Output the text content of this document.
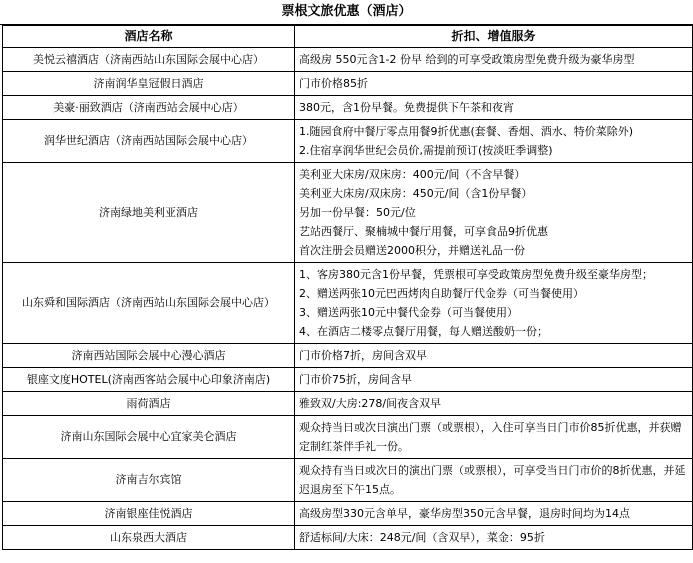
票根文旅优惠（酒店）
酒店名称	折扣、增值服务
美悦云禧酒店（济南西站山东国际会展中心店）	高级房 550元含1-2 份早 给到的可享受政策房型免费升级为豪华房型

济南润华皇冠假日酒店	门市价格85折

美豪·丽致酒店（济南西站会展中心店）	380元，含1份早餐。免费提供下午茶和夜宵

润华世纪酒店（济南西站国际会展中心店）	1.随园食府中餐厅零点用餐9折优惠(套餐、香烟、酒水、特价菜除外)
2.住宿享润华世纪会员价,需提前预订(按淡旺季调整)

济南绿地美利亚酒店	美利亚大床房/双床房：400元/间（不含早餐）
美利亚大床房/双床房：450元/间（含1份早餐）
另加一份早餐：50元/位
艺站西餐厅、聚楠城中餐厅用餐，可享食品9折优惠
首次注册会员赠送2000积分，并赠送礼品一份

山东舜和国际酒店（济南西站山东国际会展中心店）	1、客房380元含1份早餐，凭票根可享受政策房型免费升级至豪华房型；
2、赠送两张10元巴西烤肉自助餐厅代金券（可当餐使用）
3、赠送两张10元中餐代金券（可当餐使用）
4、在酒店二楼零点餐厅用餐，每人赠送酸奶一份；

济南西站国际会展中心漫心酒店	门市价格7折，房间含双早

银座文度HOTEL(济南西客站会展中心印象济南店)	门市价75折，房间含早

雨荷酒店	雅致双/大房:278/间夜含双早

济南山东国际会展中心宜家美仑酒店	观众持当日或次日演出门票（或票根），入住可享当日门市价85折优惠，并获赠定制红茶伴手礼一份。

济南吉尔宾馆	观众持有当日或次日的演出门票（或票根），可享受当日门市价的8折优惠，并延迟退房至下午15点。

济南银座佳悦酒店	高级房型330元含单早，豪华房型350元含早餐，退房时间均为14点

山东泉西大酒店	舒适标间/大床：248元/间（含双早），菜金：95折
